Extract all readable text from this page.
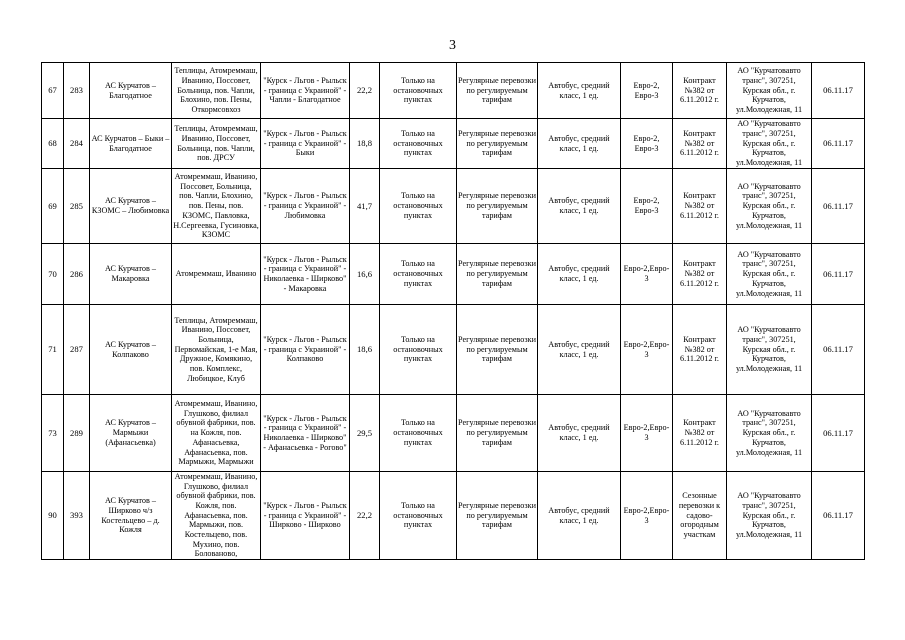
3
67	283	АС Курчатов – Благодатное	Теплицы, Атомреммаш, Иванино, Поссовет, Больница, пов. Чапли, Блохино, пов. Пены, Откормсовхоз	"Курск - Льгов - Рыльск - граница с Украиной" - Чапли - Благодатное	22,2	Только на остановочных пунктах	Регулярные перевозки по регулируемым тарифам	Автобус, средний класс, 1 ед.	Евро-2, Евро-3	Контракт №382 от 6.11.2012 г.	АО "Курчатовавто транс", 307251, Курская обл., г. Курчатов, ул.Молодежная, 11	06.11.17
68	284	АС Курчатов – Быки – Благодатное	Теплицы, Атомреммаш, Иванино, Поссовет, Больница, пов. Чапли, пов. ДРСУ	"Курск - Льгов - Рыльск - граница с Украиной" - Быки	18,8	Только на остановочных пунктах	Регулярные перевозки по регулируемым тарифам	Автобус, средний класс, 1 ед.	Евро-2, Евро-3	Контракт №382 от 6.11.2012 г.	АО "Курчатовавто транс", 307251, Курская обл., г. Курчатов, ул.Молодежная, 11	06.11.17
69	285	АС Курчатов – КЗОМС – Любимовка	Атомреммаш, Иванино, Поссовет, Больница, пов. Чапли, Блохино, пов. Пены, пов. КЗОМС, Павловка, Н.Сергеевка, Гусиновка, КЗОМС	"Курск - Льгов - Рыльск - граница с Украиной" - Любимовка	41,7	Только на остановочных пунктах	Регулярные перевозки по регулируемым тарифам	Автобус, средний класс, 1 ед.	Евро-2, Евро-3	Контракт №382 от 6.11.2012 г.	АО "Курчатовавто транс", 307251, Курская обл., г. Курчатов, ул.Молодежная, 11	06.11.17
70	286	АС Курчатов – Макаровка	Атомреммаш, Иванино	"Курск - Льгов - Рыльск - граница с Украиной" - Николаевка - Ширково" - Макаровка	16,6	Только на остановочных пунктах	Регулярные перевозки по регулируемым тарифам	Автобус, средний класс, 1 ед.	Евро-2,Евро-3	Контракт №382 от 6.11.2012 г.	АО "Курчатовавто транс", 307251, Курская обл., г. Курчатов, ул.Молодежная, 11	06.11.17
71	287	АС Курчатов – Колпаково	Теплицы, Атомреммаш, Иванино, Поссовет, Больница, Первомайская, 1-е Мая, Дружное, Комякино, пов. Комплекс, Любицкое, Клуб	"Курск - Льгов - Рыльск - граница с Украиной" - Колпаково	18,6	Только на остановочных пунктах	Регулярные перевозки по регулируемым тарифам	Автобус, средний класс, 1 ед.	Евро-2,Евро-3	Контракт №382 от 6.11.2012 г.	АО "Курчатовавто транс", 307251, Курская обл., г. Курчатов, ул.Молодежная, 11	06.11.17
73	289	АС Курчатов – Мармыжи (Афанасьевка)	Атомреммаш, Иванино, Глушково, филиал обувной фабрики, пов. на Кожля, пов. Афанасьевка, Афанасьевка, пов. Мармыжи, Мармыжи	"Курск - Льгов - Рыльск - граница с Украиной" - Николаевка - Ширково" - Афанасьевка - Рогово"	29,5	Только на остановочных пунктах	Регулярные перевозки по регулируемым тарифам	Автобус, средний класс, 1 ед.	Евро-2,Евро-3	Контракт №382 от 6.11.2012 г.	АО "Курчатовавто транс", 307251, Курская обл., г. Курчатов, ул.Молодежная, 11	06.11.17
90	393	АС Курчатов – Ширково ч/з Костельцево – д. Кожля	Атомреммаш, Иванино, Глушково, филиал обувной фабрики, пов. Кожля, пов. Афанасьевка, пов. Мармыжи, пов. Костельцево, пов. Мухино, пов. Болованово,	"Курск - Льгов - Рыльск - граница с Украиной" - Ширково - Ширково	22,2	Только на остановочных пунктах	Регулярные перевозки по регулируемым тарифам	Автобус, средний класс, 1 ед.	Евро-2,Евро-3	Сезонные перевозки к садово-огородным участкам	АО "Курчатовавто транс", 307251, Курская обл., г. Курчатов, ул.Молодежная, 11	06.11.17
